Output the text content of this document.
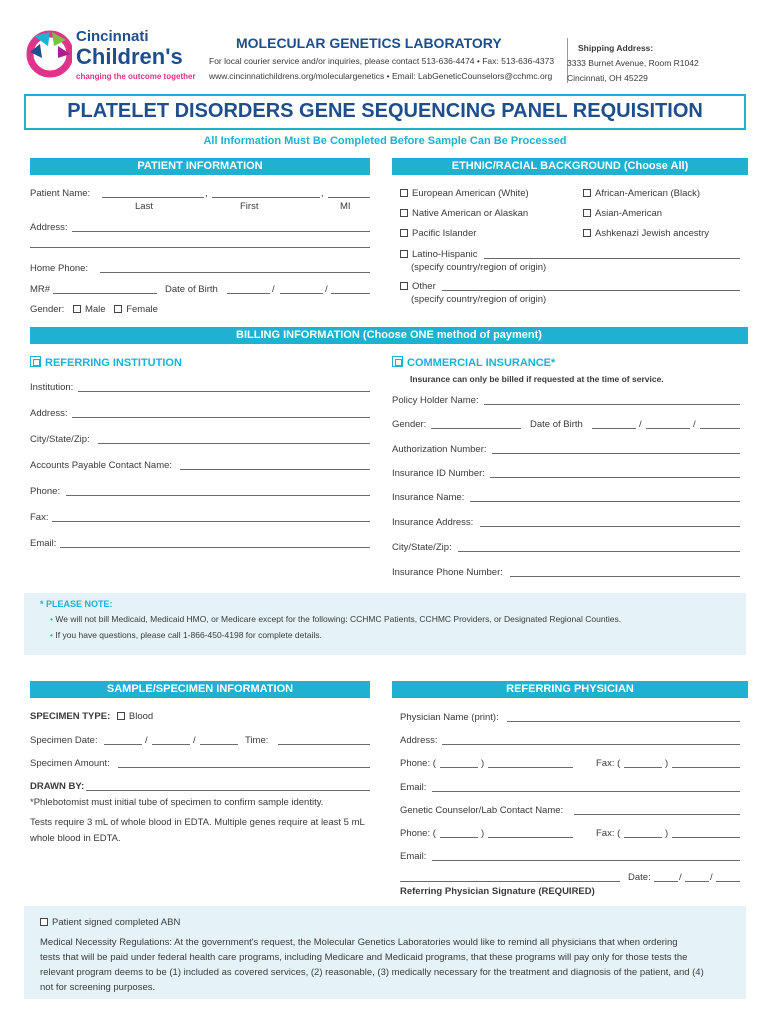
Cincinnati
Children's
changing the outcome together
MOLECULAR GENETICS LABORATORY
For local courier service and/or inquiries, please contact 513-636-4474 • Fax: 513-636-4373
www.cincinnatichildrens.org/moleculargenetics • Email: LabGeneticCounselors@cchmc.org
Shipping Address:
3333 Burnet Avenue, Room R1042
Cincinnati, OH 45229
PLATELET DISORDERS GENE SEQUENCING PANEL REQUISITION
All Information Must Be Completed Before Sample Can Be Processed
PATIENT INFORMATION
Patient Name:	,	,
Last	First	MI
Address:
Home Phone:
MR#	Date of Birth	/	/
Gender: Male Female
ETHNIC/RACIAL BACKGROUND (Choose All)
European American (White)	African-American (Black)
Native American or Alaskan	Asian-American
Pacific Islander	Ashkenazi Jewish ancestry
Latino-Hispanic
(specify country/region of origin)
Other
(specify country/region of origin)
BILLING INFORMATION (Choose ONE method of payment)
REFERRING INSTITUTION
Institution:
Address:
City/State/Zip:
Accounts Payable Contact Name:
Phone:
Fax:
Email:
COMMERCIAL INSURANCE*
Insurance can only be billed if requested at the time of service.
Policy Holder Name:
Gender:	Date of Birth	/	/
Authorization Number:
Insurance ID Number:
Insurance Name:
Insurance Address:
City/State/Zip:
Insurance Phone Number:
* PLEASE NOTE:
• We will not bill Medicaid, Medicaid HMO, or Medicare except for the following: CCHMC Patients, CCHMC Providers, or Designated Regional Counties.
• If you have questions, please call 1-866-450-4198 for complete details.
SAMPLE/SPECIMEN INFORMATION
SPECIMEN TYPE: Blood
Specimen Date:	/	/	Time:
Specimen Amount:
DRAWN BY:
*Phlebotomist must initial tube of specimen to confirm sample identity.
Tests require 3 mL of whole blood in EDTA. Multiple genes require at least 5 mL
whole blood in EDTA.
REFERRING PHYSICIAN
Physician Name (print):
Address:
Phone: (	)	Fax: (	)
Email:
Genetic Counselor/Lab Contact Name:
Phone: (	)	Fax: (	)
Email:
Date:	/	/
Referring Physician Signature (REQUIRED)
Patient signed completed ABN
Medical Necessity Regulations: At the government's request, the Molecular Genetics Laboratories would like to remind all physicians that when ordering
tests that will be paid under federal health care programs, including Medicare and Medicaid programs, that these programs will pay only for those tests the
relevant program deems to be (1) included as covered services, (2) reasonable, (3) medically necessary for the treatment and diagnosis of the patient, and (4)
not for screening purposes.
